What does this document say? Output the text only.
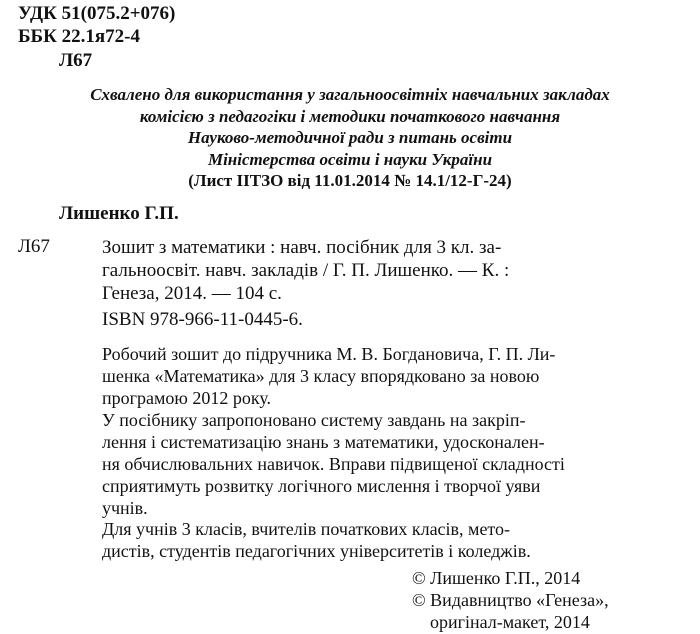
УДК 51(075.2+076)
ББК 22.1я72-4
Л67
Схвалено для використання у загальноосвітніх навчальних закладах
комісією з педагогіки і методики початкового навчання
Науково-методичної ради з питань освіти
Міністерства освіти і науки України
(Лист ІІТЗО від 11.01.2014 № 14.1/12-Г-24)
Лишенко Г.П.
Л67	Зошит з математики : навч. посібник для 3 кл. за-
гальноосвіт. навч. закладів / Г. П. Лишенко. — К. :
Генеза, 2014. — 104 с.
ISBN 978-966-11-0445-6.
Робочий зошит до підручника М. В. Богдановича, Г. П. Ли-
шенка «Математика» для 3 класу впорядковано за новою
програмою 2012 року.
У посібнику запропоновано систему завдань на закріп-
лення і систематизацію знань з математики, удосконален-
ня обчислювальних навичок. Вправи підвищеної складності
сприятимуть розвитку логічного мислення і творчої уяви
учнів.
Для учнів 3 класів, вчителів початкових класів, мето-
дистів, студентів педагогічних університетів і коледжів.
© Лишенко Г.П., 2014
© Видавництво «Генеза»,
оригінал-макет, 2014
